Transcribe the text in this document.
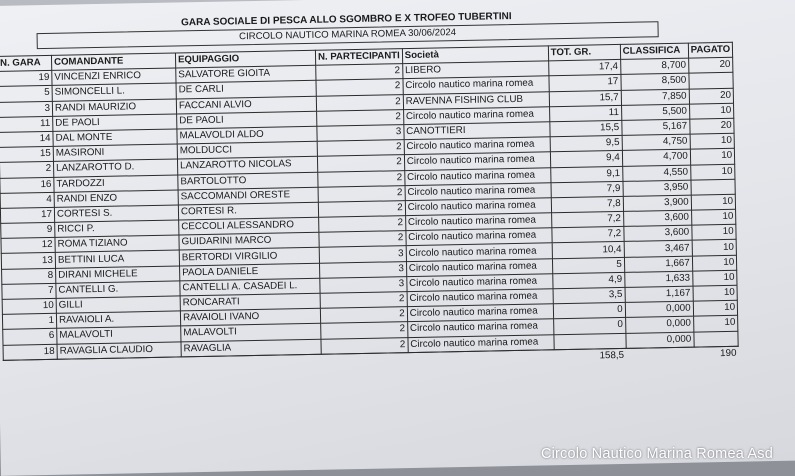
GARA SOCIALE DI PESCA ALLO SGOMBRO E X TROFEO TUBERTINI
CIRCOLO NAUTICO MARINA ROMEA 30/06/2024
N. GARA	COMANDANTE	EQUIPAGGIO	N. PARTECIPANTI	Società	TOT. GR.	CLASSIFICA	PAGATO
19	VINCENZI ENRICO	SALVATORE GIOITA	2	LIBERO	17,4	8,700	20
5	SIMONCELLI L.	DE CARLI	2	Circolo nautico marina romea	17	8,500	
3	RANDI MAURIZIO	FACCANI ALVIO	2	RAVENNA FISHING CLUB	15,7	7,850	20
11	DE PAOLI	DE PAOLI	2	Circolo nautico marina romea	11	5,500	10
14	DAL MONTE	MALAVOLDI ALDO	3	CANOTTIERI	15,5	5,167	20
15	MASIRONI	MOLDUCCI	2	Circolo nautico marina romea	9,5	4,750	10
2	LANZAROTTO D.	LANZAROTTO NICOLAS	2	Circolo nautico marina romea	9,4	4,700	10
16	TARDOZZI	BARTOLOTTO	2	Circolo nautico marina romea	9,1	4,550	10
4	RANDI ENZO	SACCOMANDI ORESTE	2	Circolo nautico marina romea	7,9	3,950	
17	CORTESI S.	CORTESI R.	2	Circolo nautico marina romea	7,8	3,900	10
9	RICCI P.	CECCOLI ALESSANDRO	2	Circolo nautico marina romea	7,2	3,600	10
12	ROMA TIZIANO	GUIDARINI MARCO	2	Circolo nautico marina romea	7,2	3,600	10
13	BETTINI LUCA	BERTORDI VIRGILIO	3	Circolo nautico marina romea	10,4	3,467	10
8	DIRANI MICHELE	PAOLA DANIELE	3	Circolo nautico marina romea	5	1,667	10
7	CANTELLI G.	CANTELLI A. CASADEI L.	3	Circolo nautico marina romea	4,9	1,633	10
10	GILLI	RONCARATI	2	Circolo nautico marina romea	3,5	1,167	10
1	RAVAIOLI A.	RAVAIOLI IVANO	2	Circolo nautico marina romea	0	0,000	10
6	MALAVOLTI	MALAVOLTI	2	Circolo nautico marina romea	0	0,000	10
18	RAVAGLIA CLAUDIO	RAVAGLIA	2	Circolo nautico marina romea		0,000	
					158,5		190
Circolo Nautico Marina Romea Asd
